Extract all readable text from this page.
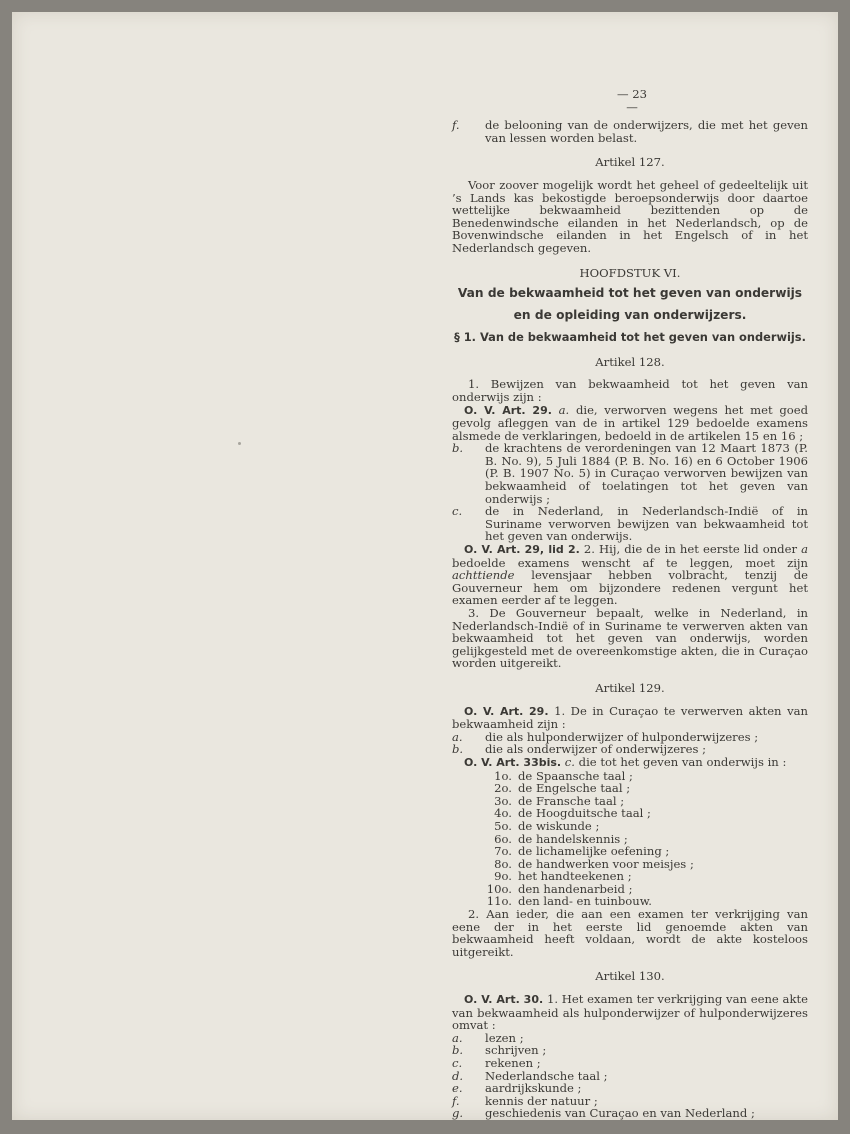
— 23 —

f. de belooning van de onderwijzers, die met het geven van lessen worden belast.

Artikel 127.

Voor zoover mogelijk wordt het geheel of gedeeltelijk uit ’s Lands kas bekostigde beroepsonderwijs door daartoe wettelijke bekwaamheid bezittenden op de Benedenwindsche eilanden in het Nederlandsch, op de Bovenwindsche eilanden in het Engelsch of in het Nederlandsch gegeven.

HOOFDSTUK VI.

Van de bekwaamheid tot het geven van onderwijs

en de opleiding van onderwijzers.

§ 1. Van de bekwaamheid tot het geven van onderwijs.

Artikel 128.

1. Bewijzen van bekwaamheid tot het geven van onderwijs zijn :

O. V. Art. 29. a. die, verworven wegens het met goed gevolg afleggen van de in artikel 129 bedoelde examens alsmede de verklaringen, bedoeld in de artikelen 15 en 16 ;

b. de krachtens de verordeningen van 12 Maart 1873 (P. B. No. 9), 5 Juli 1884 (P. B. No. 16) en 6 October 1906 (P. B. 1907 No. 5) in Curaçao verworven bewijzen van bekwaamheid of toelatingen tot het geven van onderwijs ;

c. de in Nederland, in Nederlandsch-Indië of in Suriname verworven bewijzen van bekwaamheid tot het geven van onderwijs.

O. V. Art. 29, lid 2. 2. Hij, die de in het eerste lid onder a bedoelde examens wenscht af te leggen, moet zijn achttiende levensjaar hebben volbracht, tenzij de Gouverneur hem om bijzondere redenen vergunt het examen eerder af te leggen.

3. De Gouverneur bepaalt, welke in Nederland, in Nederlandsch-Indië of in Suriname te verwerven akten van bekwaamheid tot het geven van onderwijs, worden gelijkgesteld met de overeenkomstige akten, die in Curaçao worden uitgereikt.

Artikel 129.

O. V. Art. 29. 1. De in Curaçao te verwerven akten van bekwaamheid zijn :

a. die als hulponderwijzer of hulponderwijzeres ;

b. die als onderwijzer of onderwijzeres ;

O. V. Art. 33bis. c. die tot het geven van onderwijs in :

1o. de Spaansche taal ;

2o. de Engelsche taal ;

3o. de Fransche taal ;

4o. de Hoogduitsche taal ;

5o. de wiskunde ;

6o. de handelskennis ;

7o. de lichamelijke oefening ;

8o. de handwerken voor meisjes ;

9o. het handteekenen ;

10o. den handenarbeid ;

11o. den land- en tuinbouw.

2. Aan ieder, die aan een examen ter verkrijging van eene der in het eerste lid genoemde akten van bekwaamheid heeft voldaan, wordt de akte kosteloos uitgereikt.

Artikel 130.

O. V. Art. 30. 1. Het examen ter verkrijging van eene akte van bekwaamheid als hulponderwijzer of hulponderwijzeres omvat :

a. lezen ;

b. schrijven ;

c. rekenen ;

d. Nederlandsche taal ;

e. aardrijkskunde ;

f. kennis der natuur ;

g. geschiedenis van Curaçao en van Nederland ;
